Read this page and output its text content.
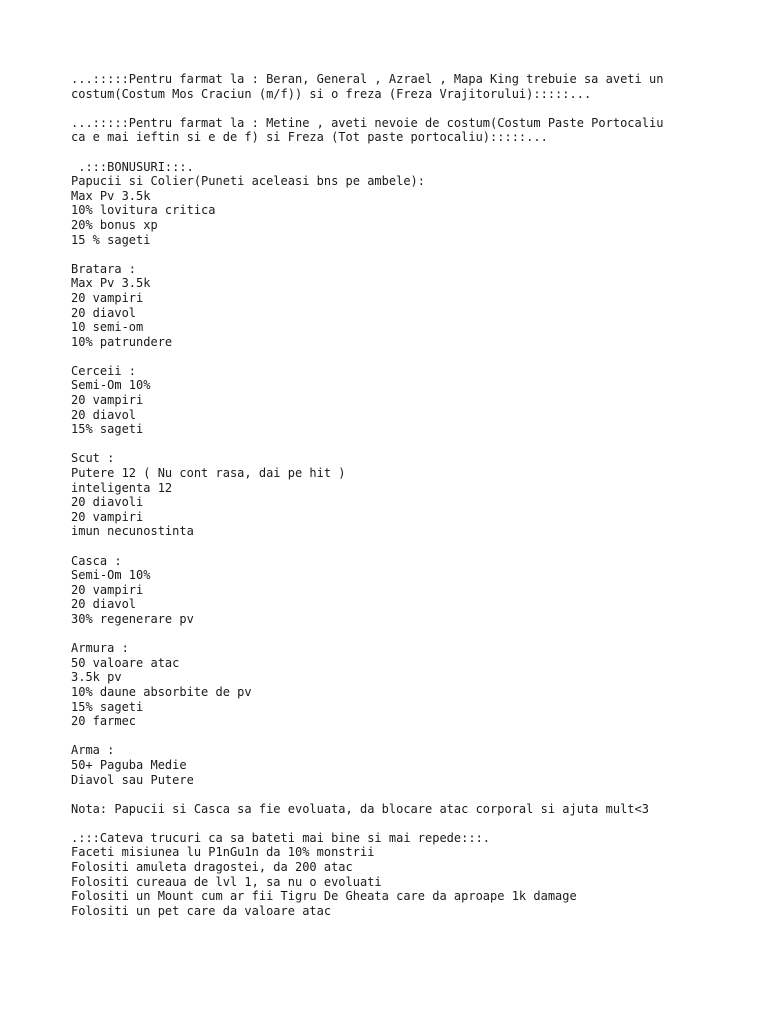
...:::::Pentru farmat la : Beran, General , Azrael , Mapa King trebuie sa aveti un
costum(Costum Mos Craciun (m/f)) si o freza (Freza Vrajitorului):::::...
...:::::Pentru farmat la : Metine , aveti nevoie de costum(Costum Paste Portocaliu
ca e mai ieftin si e de f) si Freza (Tot paste portocaliu):::::...
.:::BONUSURI:::.
Papucii si Colier(Puneti aceleasi bns pe ambele):
Max Pv 3.5k
10% lovitura critica
20% bonus xp
15 % sageti
Bratara :
Max Pv 3.5k
20 vampiri
20 diavol
10 semi-om
10% patrundere
Cerceii :
Semi-Om 10%
20 vampiri
20 diavol
15% sageti
Scut :
Putere 12 ( Nu cont rasa, dai pe hit )
inteligenta 12
20 diavoli
20 vampiri
imun necunostinta
Casca :
Semi-Om 10%
20 vampiri
20 diavol
30% regenerare pv
Armura :
50 valoare atac
3.5k pv
10% daune absorbite de pv
15% sageti
20 farmec
Arma :
50+ Paguba Medie
Diavol sau Putere
Nota: Papucii si Casca sa fie evoluata, da blocare atac corporal si ajuta mult<3
.:::Cateva trucuri ca sa bateti mai bine si mai repede:::.
Faceti misiunea lu P1nGu1n da 10% monstrii
Folositi amuleta dragostei, da 200 atac
Folositi cureaua de lvl 1, sa nu o evoluati
Folositi un Mount cum ar fii Tigru De Gheata care da aproape 1k damage
Folositi un pet care da valoare atac
